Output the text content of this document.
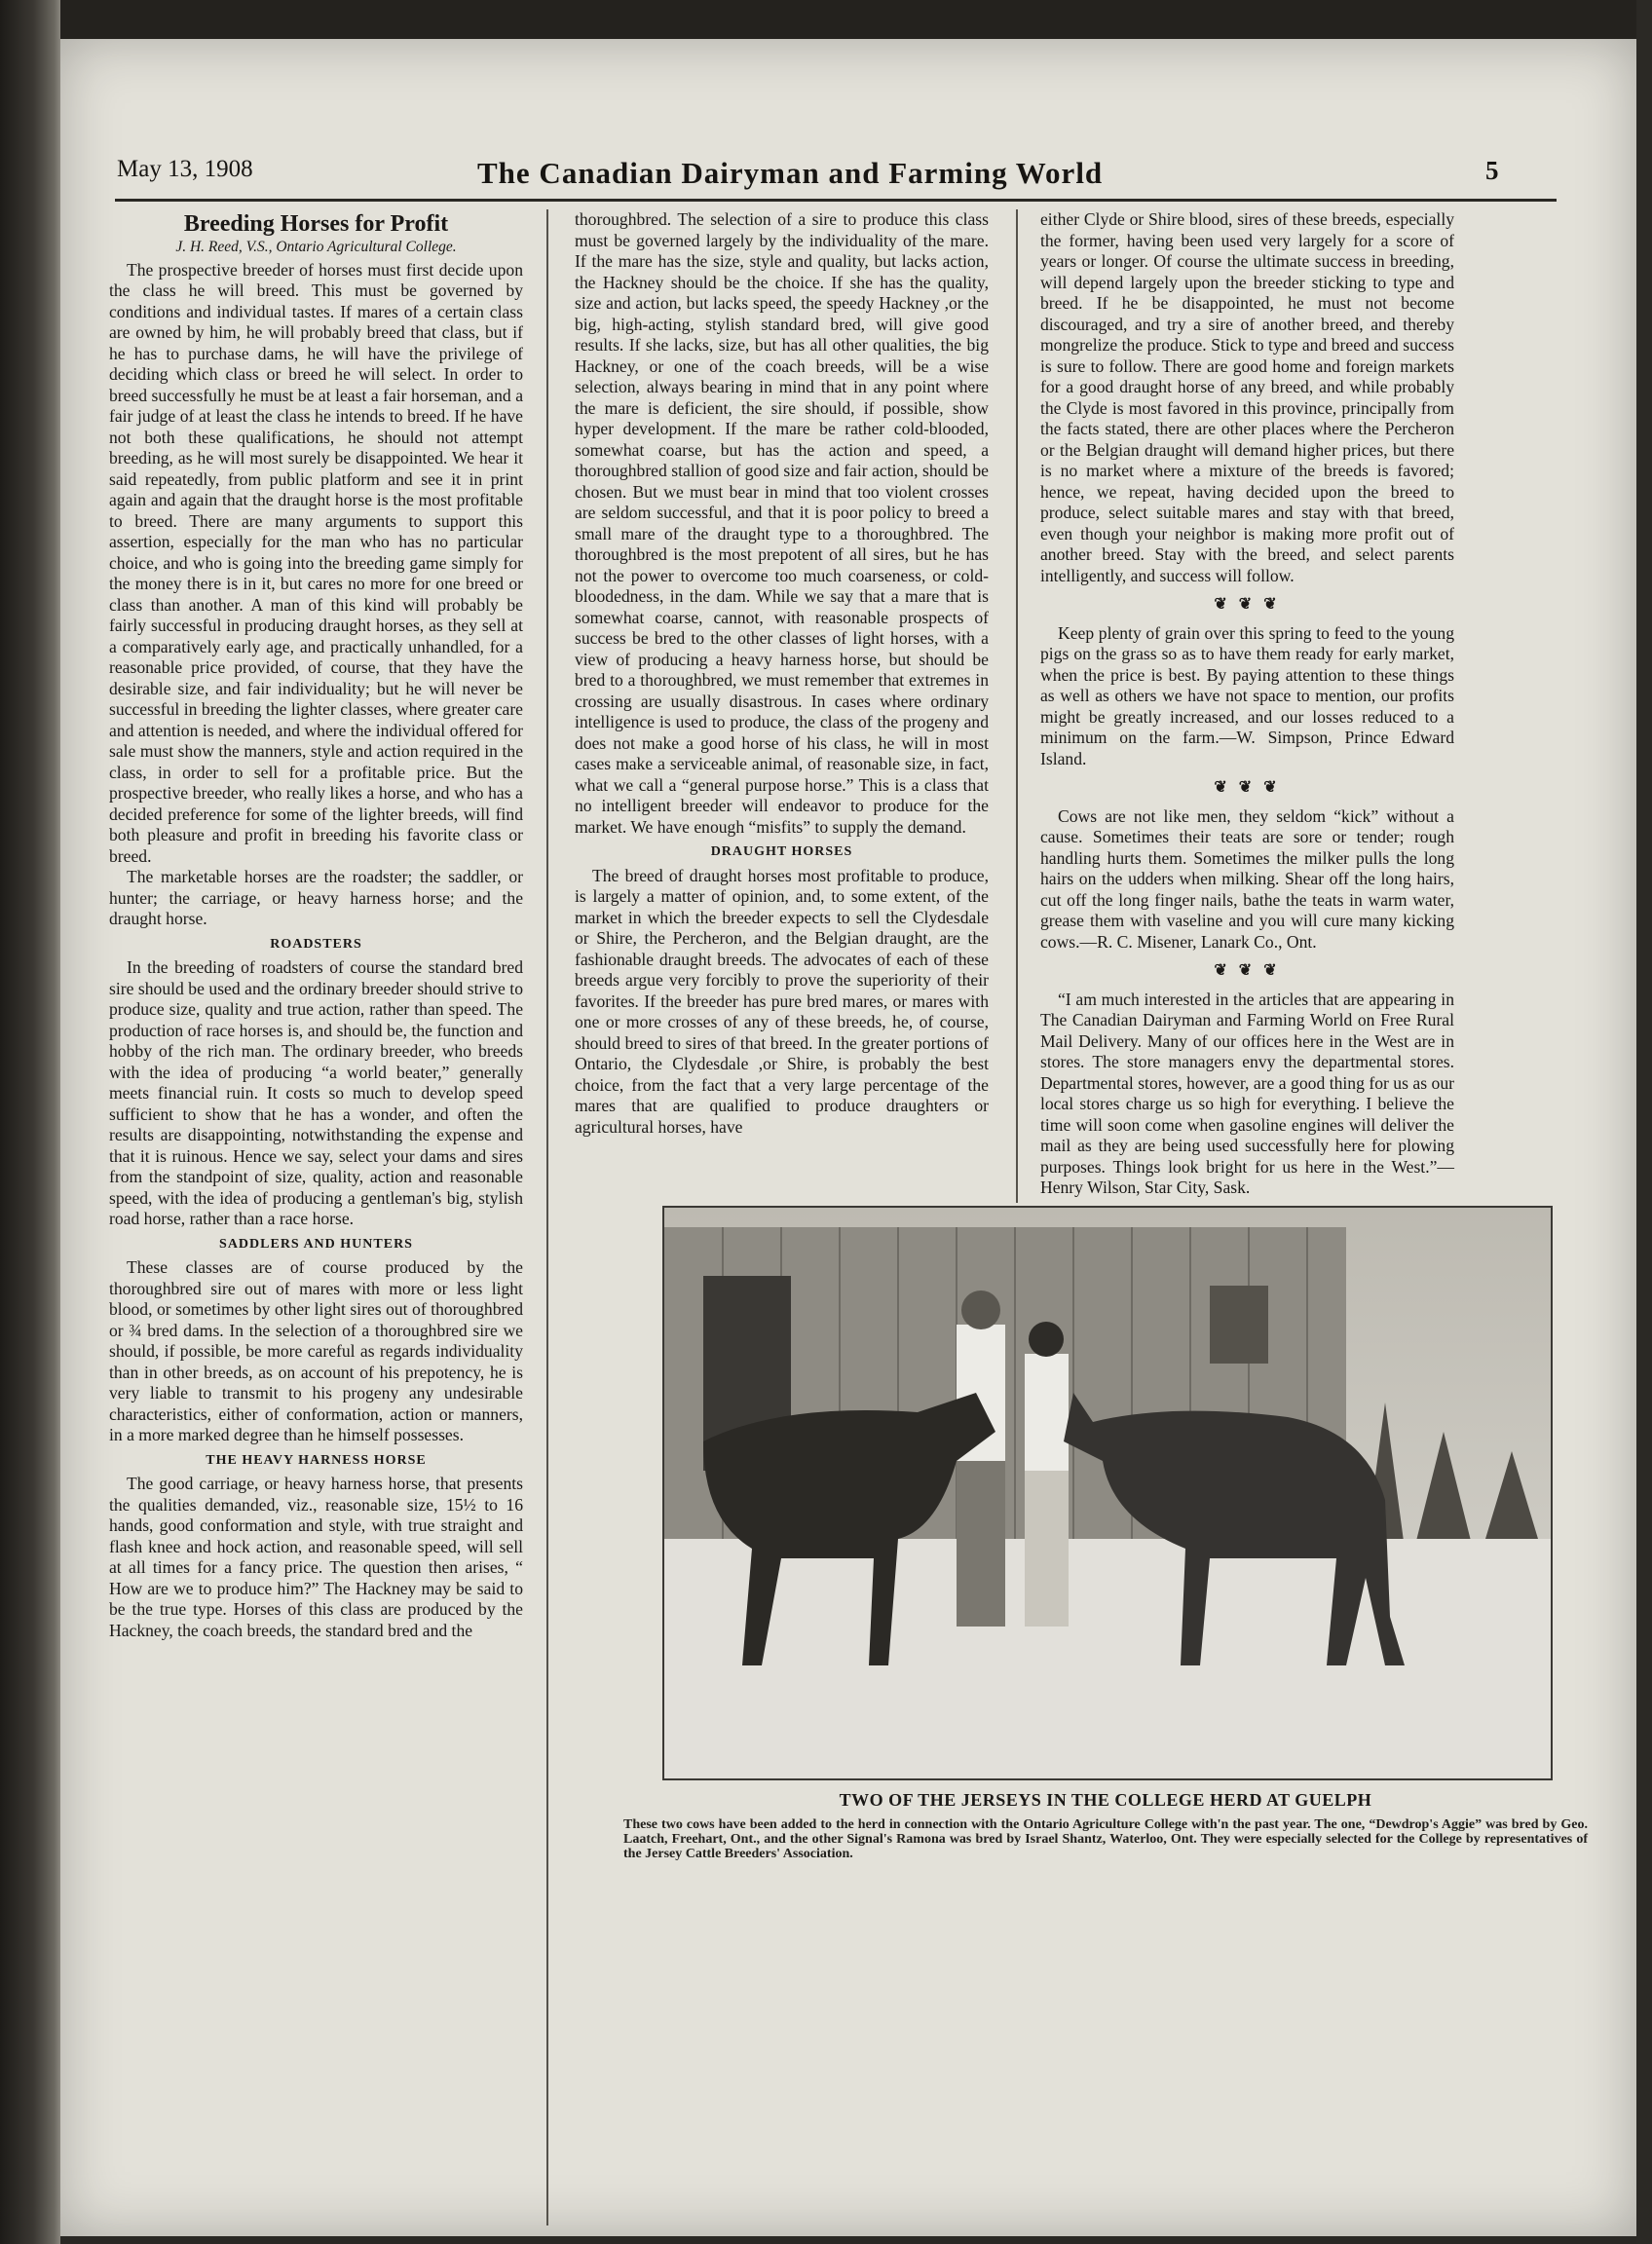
May 13, 1908	The Canadian Dairyman and Farming World	5
Breeding Horses for Profit
J. H. Reed, V.S., Ontario Agricultural College.

The prospective breeder of horses must first decide upon the class he will breed. This must be governed by conditions and individual tastes. If mares of a certain class are owned by him, he will probably breed that class, but if he has to purchase dams, he will have the privilege of deciding which class or breed he will select. In order to breed successfully he must be at least a fair horseman, and a fair judge of at least the class he intends to breed. If he have not both these qualifications, he should not attempt breeding, as he will most surely be disappointed. We hear it said repeatedly, from public platform and see it in print again and again that the draught horse is the most profitable to breed. There are many arguments to support this assertion, especially for the man who has no particular choice, and who is going into the breeding game simply for the money there is in it, but cares no more for one breed or class than another. A man of this kind will probably be fairly successful in producing draught horses, as they sell at a comparatively early age, and practically unhandled, for a reasonable price provided, of course, that they have the desirable size, and fair individuality; but he will never be successful in breeding the lighter classes, where greater care and attention is needed, and where the individual offered for sale must show the manners, style and action required in the class, in order to sell for a profitable price. But the prospective breeder, who really likes a horse, and who has a decided preference for some of the lighter breeds, will find both pleasure and profit in breeding his favorite class or breed.

The marketable horses are the roadster; the saddler, or hunter; the carriage, or heavy harness horse; and the draught horse.

ROADSTERS

In the breeding of roadsters of course the standard bred sire should be used and the ordinary breeder should strive to produce size, quality and true action, rather than speed. The production of race horses is, and should be, the function and hobby of the rich man. The ordinary breeder, who breeds with the idea of producing “a world beater,” generally meets financial ruin. It costs so much to develop speed sufficient to show that he has a wonder, and often the results are disappointing, notwithstanding the expense and that it is ruinous. Hence we say, select your dams and sires from the standpoint of size, quality, action and reasonable speed, with the idea of producing a gentleman's big, stylish road horse, rather than a race horse.

SADDLERS AND HUNTERS

These classes are of course produced by the thoroughbred sire out of mares with more or less light blood, or sometimes by other light sires out of thoroughbred or ¾ bred dams. In the selection of a thoroughbred sire we should, if possible, be more careful as regards individuality than in other breeds, as on account of his prepotency, he is very liable to transmit to his progeny any undesirable characteristics, either of conformation, action or manners, in a more marked degree than he himself possesses.

THE HEAVY HARNESS HORSE

The good carriage, or heavy harness horse, that presents the qualities demanded, viz., reasonable size, 15½ to 16 hands, good conformation and style, with true straight and flash knee and hock action, and reasonable speed, will sell at all times for a fancy price. The question then arises, “ How are we to produce him?” The Hackney may be said to be the true type. Horses of this class are produced by the Hackney, the coach breeds, the standard bred and the

thoroughbred. The selection of a sire to produce this class must be governed largely by the individuality of the mare. If the mare has the size, style and quality, but lacks action, the Hackney should be the choice. If she has the quality, size and action, but lacks speed, the speedy Hackney ,or the big, high-acting, stylish standard bred, will give good results. If she lacks, size, but has all other qualities, the big Hackney, or one of the coach breeds, will be a wise selection, always bearing in mind that in any point where the mare is deficient, the sire should, if possible, show hyper development. If the mare be rather cold-blooded, somewhat coarse, but has the action and speed, a thoroughbred stallion of good size and fair action, should be chosen. But we must bear in mind that too violent crosses are seldom successful, and that it is poor policy to breed a small mare of the draught type to a thoroughbred. The thoroughbred is the most prepotent of all sires, but he has not the power to overcome too much coarseness, or cold-bloodedness, in the dam. While we say that a mare that is somewhat coarse, cannot, with reasonable prospects of success be bred to the other classes of light horses, with a view of producing a heavy harness horse, but should be bred to a thoroughbred, we must remember that extremes in crossing are usually disastrous. In cases where ordinary intelligence is used to produce, the class of the progeny and does not make a good horse of his class, he will in most cases make a serviceable animal, of reasonable size, in fact, what we call a “general purpose horse.” This is a class that no intelligent breeder will endeavor to produce for the market. We have enough “misfits” to supply the demand.

DRAUGHT HORSES

The breed of draught horses most profitable to produce, is largely a matter of opinion, and, to some extent, of the market in which the breeder expects to sell the Clydesdale or Shire, the Percheron, and the Belgian draught, are the fashionable draught breeds. The advocates of each of these breeds argue very forcibly to prove the superiority of their favorites. If the breeder has pure bred mares, or mares with one or more crosses of any of these breeds, he, of course, should breed to sires of that breed. In the greater portions of Ontario, the Clydesdale ,or Shire, is probably the best choice, from the fact that a very large percentage of the mares that are qualified to produce draughters or agricultural horses, have

either Clyde or Shire blood, sires of these breeds, especially the former, having been used very largely for a score of years or longer. Of course the ultimate success in breeding, will depend largely upon the breeder sticking to type and breed. If he be disappointed, he must not become discouraged, and try a sire of another breed, and thereby mongrelize the produce. Stick to type and breed and success is sure to follow. There are good home and foreign markets for a good draught horse of any breed, and while probably the Clyde is most favored in this province, principally from the facts stated, there are other places where the Percheron or the Belgian draught will demand higher prices, but there is no market where a mixture of the breeds is favored; hence, we repeat, having decided upon the breed to produce, select suitable mares and stay with that breed, even though your neighbor is making more profit out of another breed. Stay with the breed, and select parents intelligently, and success will follow.

❦ ❦ ❦

Keep plenty of grain over this spring to feed to the young pigs on the grass so as to have them ready for early market, when the price is best. By paying attention to these things as well as others we have not space to mention, our profits might be greatly increased, and our losses reduced to a minimum on the farm.—W. Simpson, Prince Edward Island.

❦ ❦ ❦

Cows are not like men, they seldom “kick” without a cause. Sometimes their teats are sore or tender; rough handling hurts them. Sometimes the milker pulls the long hairs on the udders when milking. Shear off the long hairs, cut off the long finger nails, bathe the teats in warm water, grease them with vaseline and you will cure many kicking cows.—R. C. Misener, Lanark Co., Ont.

❦ ❦ ❦

“I am much interested in the articles that are appearing in The Canadian Dairyman and Farming World on Free Rural Mail Delivery. Many of our offices here in the West are in stores. The store managers envy the departmental stores. Departmental stores, however, are a good thing for us as our local stores charge us so high for everything. I believe the time will soon come when gasoline engines will deliver the mail as they are being used successfully here for plowing purposes. Things look bright for us here in the West.”—Henry Wilson, Star City, Sask.

TWO OF THE JERSEYS IN THE COLLEGE HERD AT GUELPH
These two cows have been added to the herd in connection with the Ontario Agriculture College with'n the past year. The one, “Dewdrop's Aggie” was bred by Geo. Laatch, Freehart, Ont., and the other Signal's Ramona was bred by Israel Shantz, Waterloo, Ont. They were especially selected for the College by representatives of the Jersey Cattle Breeders' Association.
